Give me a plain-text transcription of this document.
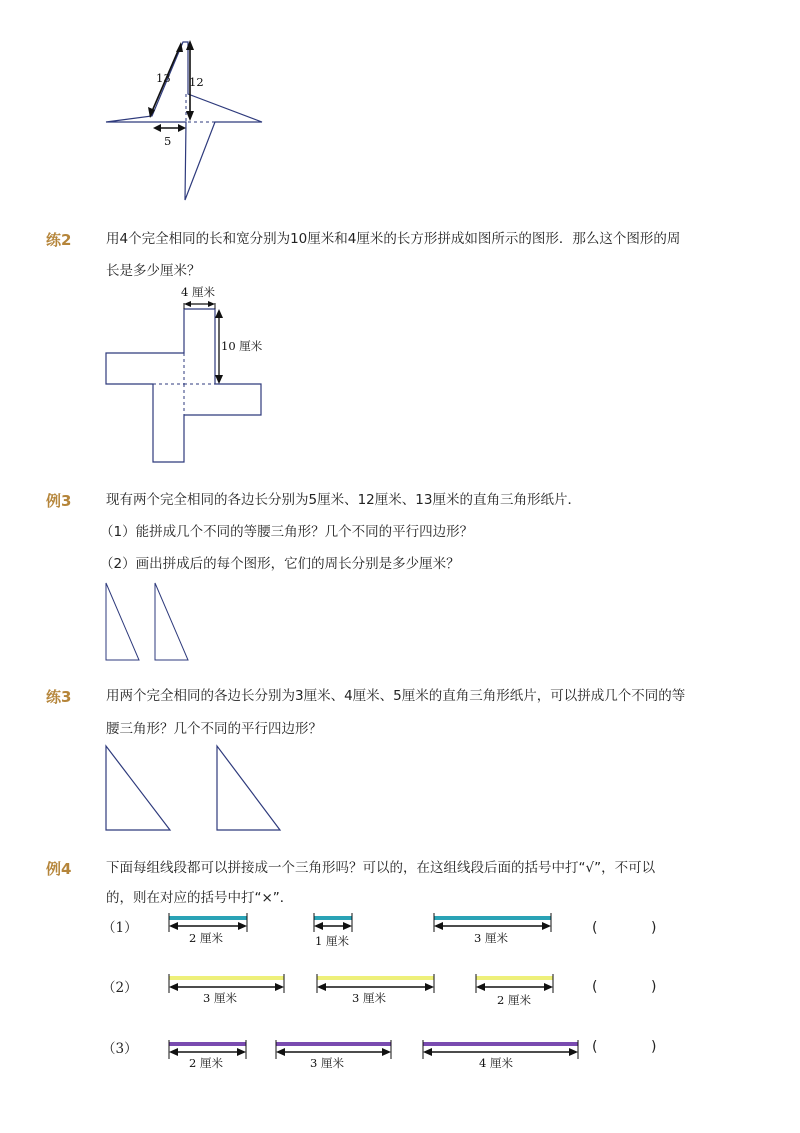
13 12
5
练2	用4个完全相同的长和宽分别为10厘米和4厘米的长方形拼成如图所示的图形．那么这个图形的周
长是多少厘米？
4 厘米
10 厘米
例3	现有两个完全相同的各边长分别为5厘米、12厘米、13厘米的直角三角形纸片．
（1）能拼成几个不同的等腰三角形？几个不同的平行四边形？
（2）画出拼成后的每个图形，它们的周长分别是多少厘米？
练3	用两个完全相同的各边长分别为3厘米、4厘米、5厘米的直角三角形纸片，可以拼成几个不同的等
腰三角形？几个不同的平行四边形？
例4	下面每组线段都可以拼接成一个三角形吗？可以的，在这组线段后面的括号中打“√”，不可以
的，则在对应的括号中打“×”．
（1）
2 厘米	1 厘米	3 厘米
(	)
（2）
3 厘米	3 厘米	2 厘米
(	)
（3）
2 厘米	3 厘米	4 厘米
(	)
